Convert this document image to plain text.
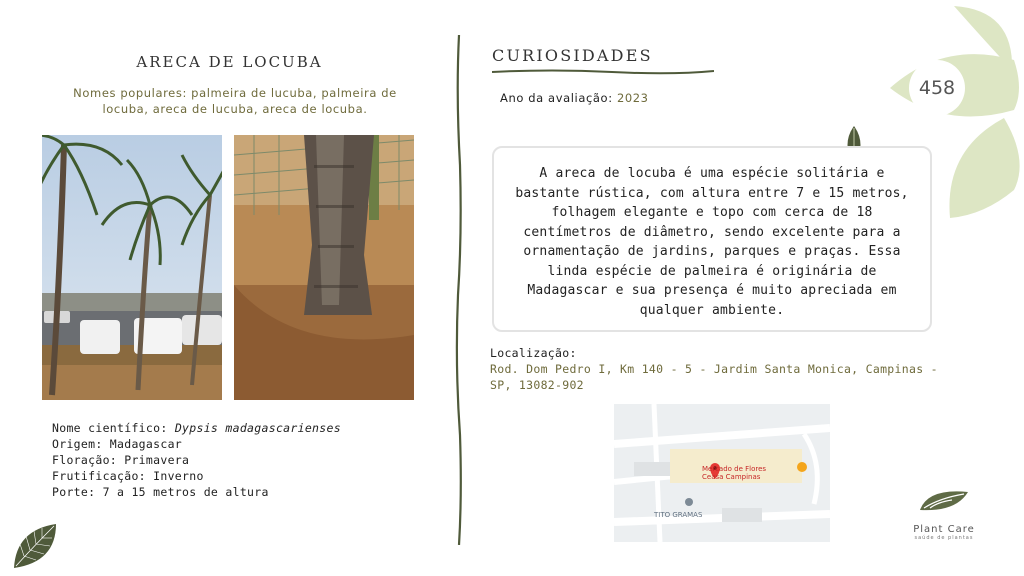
ARECA DE LOCUBA
Nomes populares: palmeira de lucuba, palmeira de locuba, areca de lucuba, areca de locuba.
Nome científico: Dypsis madagascarienses
Origem: Madagascar
Floração: Primavera
Frutificação: Inverno
Porte: 7 a 15 metros de altura
CURIOSIDADES
Ano da avaliação: 2023	458
A areca de locuba é uma espécie solitária e bastante rústica, com altura entre 7 e 15 metros, folhagem elegante e topo com cerca de 18 centímetros de diâmetro, sendo excelente para a ornamentação de jardins, parques e praças. Essa linda espécie de palmeira é originária de Madagascar e sua presença é muito apreciada em qualquer ambiente.
Localização:
Rod. Dom Pedro I, Km 140 - 5 - Jardim Santa Monica, Campinas - SP, 13082-902
Mercado de Flores
Ceasa Campinas
TITO GRAMAS
Plant Care
saúde de plantas
